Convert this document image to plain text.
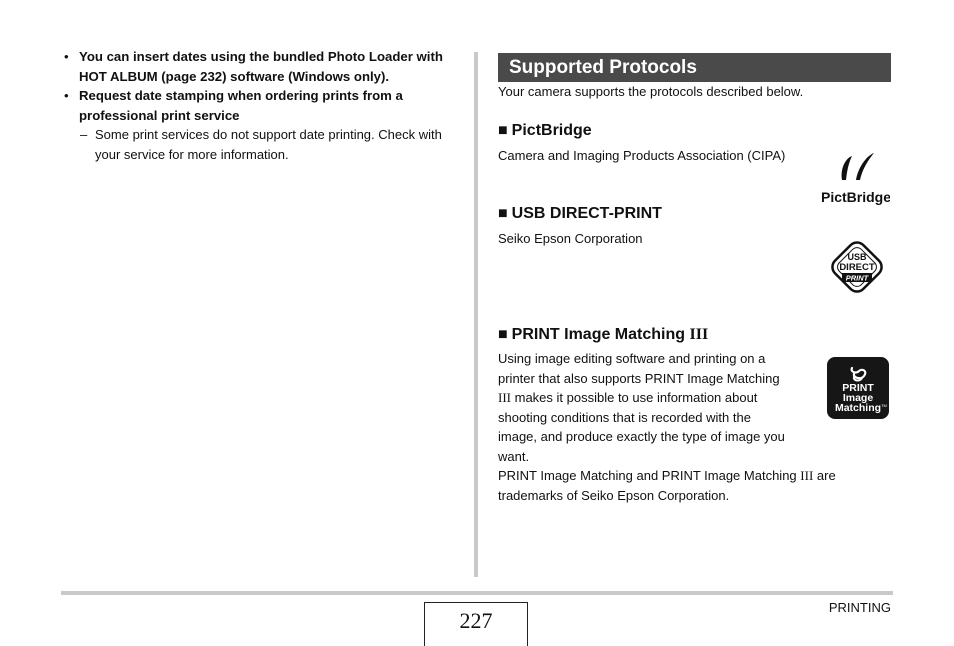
• You can insert dates using the bundled Photo Loader with HOT ALBUM (page 232) software (Windows only).
• Request date stamping when ordering prints from a professional print service
– Some print services do not support date printing. Check with your service for more information.
Supported Protocols
Your camera supports the protocols described below.
■ PictBridge
Camera and Imaging Products Association (CIPA)
■ USB DIRECT-PRINT
Seiko Epson Corporation
■ PRINT Image Matching III
Using image editing software and printing on a
printer that also supports PRINT Image Matching
III makes it possible to use information about
shooting conditions that is recorded with the
image, and produce exactly the type of image you
want.
PRINT Image Matching and PRINT Image Matching III are
trademarks of Seiko Epson Corporation.
PictBridge
USB
DIRECT
PRINT
PRINT
Image
Matching TM
227
PRINTING
